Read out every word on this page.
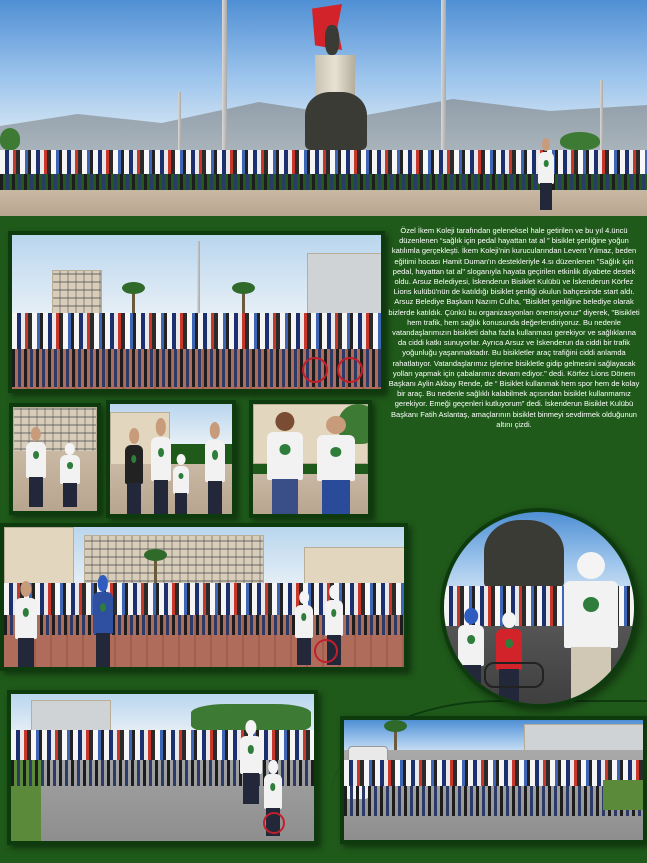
Özel İkem Koleji tarafından geleneksel hale getirilen ve bu yıl 4.üncü düzenlenen “sağlık için pedal hayattan tat al ” bisiklet şenliğine yoğun katılımla gerçekleşti. İkem Koleji'nin kurucularından Levent Yılmaz, beden eğitimi hocası Hamit Duman'ın destekleriyle 4.sı düzenlenen "Sağlık için pedal, hayattan tat al" sloganıyla hayata geçirilen etkinlik diyabete destek oldu. Arsuz Belediyesi, İskenderun Bisiklet Kulübü ve İskenderun Körfez Lions kulübü'nün de katıldığı bisiklet şenliği okulun bahçesinde start aldı. Arsuz Belediye Başkanı Nazım Culha, "Bisiklet şenliğine belediye olarak bizlerde katıldık. Çünkü bu organizasyonları önemsiyoruz" diyerek, "Bisikleti hem trafik, hem sağlık konusunda değerlendiriyoruz. Bu nedenle vatandaşlarımızın bisikleti daha fazla kullanması gerekiyor ve sağlıklarına da ciddi katkı sunuyorlar. Ayrıca Arsuz ve İskenderun da ciddi bir trafik yoğunluğu yaşanmaktadır. Bu bisikletler araç trafiğini ciddi anlamda rahatlatıyor. Vatandaşlarımız işlerine bisikletle gidip gelmesini sağlayacak yolları yapmak için çabalarımız devam ediyor." dedi. Körfez Lions Dönem Başkanı Aylin Akbay Rende, de “ Bisiklet kullanmak hem spor hem de kolay bir araç. Bu nedenle sağlıklı kalabilmek açısından bisiklet kullanmamız gerekiyor. Emeği geçenleri kutluyorum” dedi. İskenderun Bisiklet Kulübü Başkanı Fatih Aslantaş, amaçlarının bisiklet binmeyi sevdirmek olduğunun altını çizdi.
